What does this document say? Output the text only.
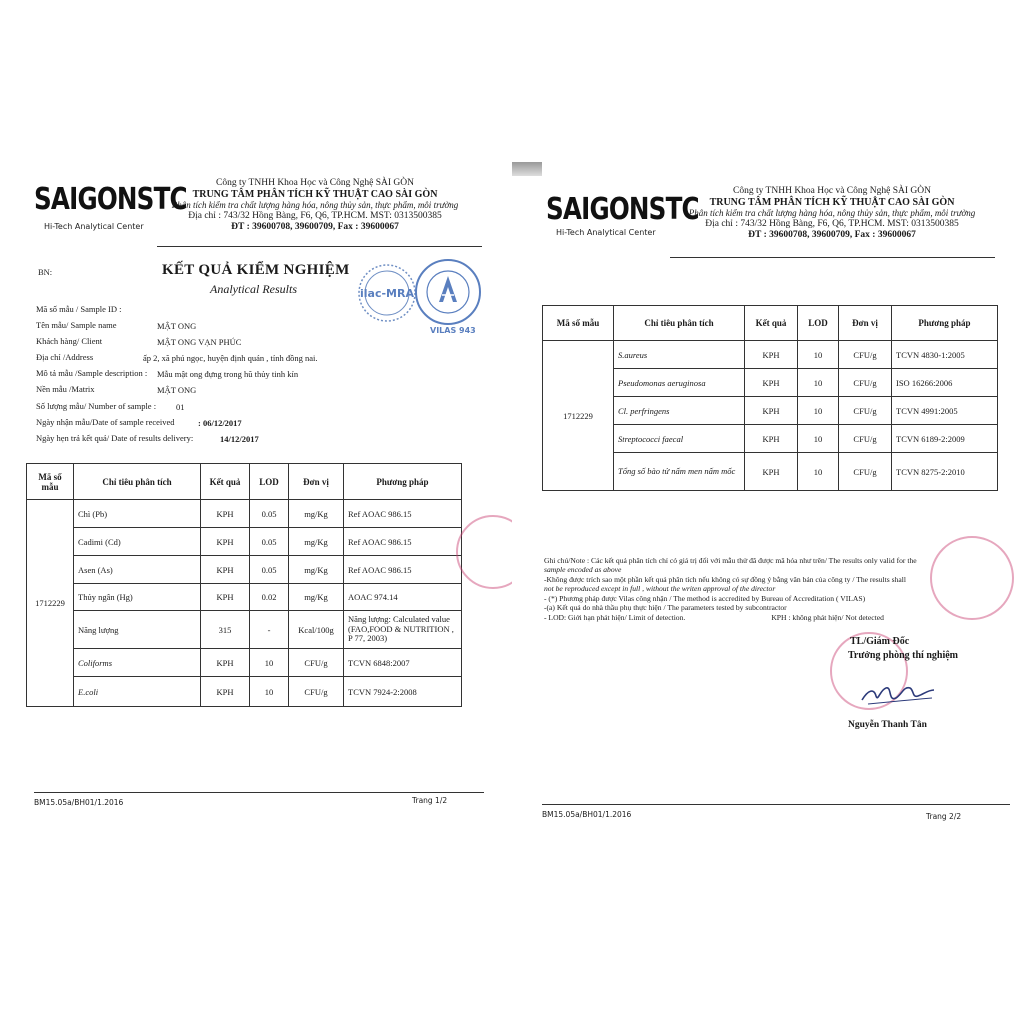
SAIGONSTC
Hi-Tech Analytical Center
Công ty TNHH Khoa Học và Công Nghệ SÀI GÒN
TRUNG TÂM PHÂN TÍCH KỸ THUẬT CAO SÀI GÒN
Phân tích kiểm tra chất lượng hàng hóa, nông thủy sản, thực phẩm, môi trường
Địa chỉ : 743/32 Hồng Bàng, F6, Q6, TP.HCM. MST: 0313500385
ĐT : 39600708, 39600709, Fax : 39600067
BN:	KẾT QUẢ KIỂM NGHIỆM
Analytical Results	ilac-MRA
VILAS 943
Mã số mẫu / Sample ID :
Tên mẫu/ Sample name	MẬT ONG
Khách hàng/ Client	MẬT ONG VẠN PHÚC
Địa chỉ /Address	ấp 2, xã phú ngọc, huyện định quán , tỉnh đồng nai.
Mô tả mẫu /Sample description : Mẫu mật ong đựng trong hũ thủy tinh kín
Nền mẫu /Matrix	MẬT ONG
Số lượng mẫu/ Number of sample : 01
Ngày nhận mẫu/Date of sample received	: 06/12/2017
Ngày hẹn trả kết quả/ Date of results delivery:	14/12/2017
Mã số mẫu	Chỉ tiêu phân tích	Kết quả	LOD	Đơn vị	Phương pháp
1712229	Chì (Pb)	KPH	0.05	mg/Kg	Ref AOAC 986.15
	Cadimi (Cd)	KPH	0.05	mg/Kg	Ref AOAC 986.15
	Asen (As)	KPH	0.05	mg/Kg	Ref AOAC 986.15
	Thủy ngân (Hg)	KPH	0.02	mg/Kg	AOAC 974.14
	Năng lượng	315	-	Kcal/100g	Năng lượng: Calculated value (FAO,FOOD & NUTRITION , P 77, 2003)
	Coliforms	KPH	10	CFU/g	TCVN 6848:2007
	E.coli	KPH	10	CFU/g	TCVN 7924-2:2008
BM15.05a/BH01/1.2016	Trang 1/2
SAIGONSTC
Hi-Tech Analytical Center
Công ty TNHH Khoa Học và Công Nghệ SÀI GÒN
TRUNG TÂM PHÂN TÍCH KỸ THUẬT CAO SÀI GÒN
Phân tích kiểm tra chất lượng hàng hóa, nông thủy sản, thực phẩm, môi trường
Địa chỉ : 743/32 Hồng Bàng, F6, Q6, TP.HCM. MST: 0313500385
ĐT : 39600708, 39600709, Fax : 39600067
Mã số mẫu	Chỉ tiêu phân tích	Kết quả	LOD	Đơn vị	Phương pháp
1712229	S.aureus	KPH	10	CFU/g	TCVN 4830-1:2005
	Pseudomonas aeruginosa	KPH	10	CFU/g	ISO 16266:2006
	Cl. perfringens	KPH	10	CFU/g	TCVN 4991:2005
	Streptococci faecal	KPH	10	CFU/g	TCVN 6189-2:2009
	Tổng số bào tử nấm men nấm mốc	KPH	10	CFU/g	TCVN 8275-2:2010
Ghi chú/Note : Các kết quả phân tích chỉ có giá trị đối với mẫu thử đã được mã hóa như trên/ The results only valid for the
sample encoded as above
-Không được trích sao một phần kết quả phân tích nếu không có sự đồng ý bằng văn bản của công ty / The results shall
not be reproduced except in full , without the writen approval of the director
- (*) Phương pháp được Vilas công nhận / The method is accredited by Bureau of Accreditation ( VILAS)
-(a) Kết quả do nhà thầu phụ thực hiện / The parameters tested by subcontractor
- LOD: Giới hạn phát hiện/ Limit of detection.	KPH : không phát hiện/ Not detected
TL/Giám Đốc
Trưởng phòng thí nghiệm
Nguyễn Thanh Tân
BM15.05a/BH01/1.2016	Trang 2/2
